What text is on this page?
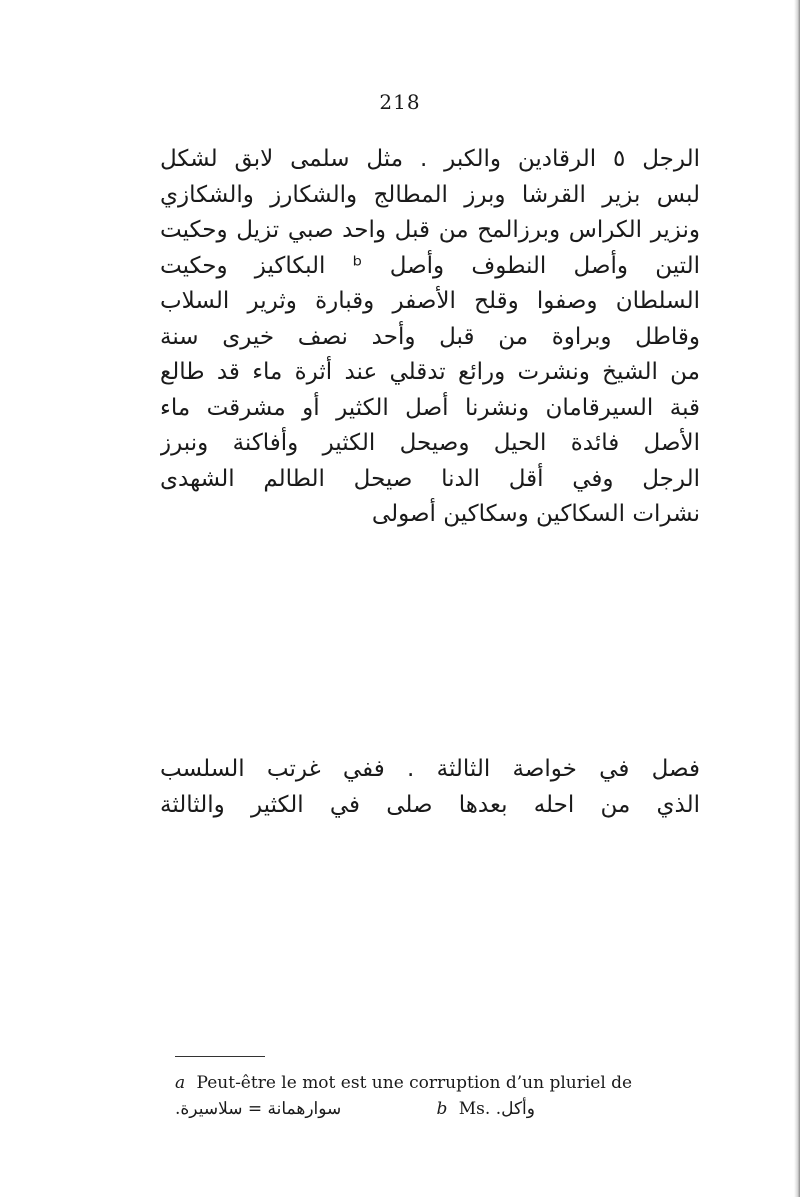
218
الرجل ٥ الرقادين والكبر . مثل سلمى لابق لشكل
لبس بزير القرشا وبرز المطالج والشكارز والشكازي
ونزير الكراس وبرزالمح من قبل واحد صبي تزيل وحكيت
التين وأصل النطوف وأصل ᵇ البكاكيز وحكيت
السلطان وصفوا وقلح الأصفر وقبارة وثرير السلاب
وقاطل وبراوة من قبل وأحد نصف خيرى سنة
من الشيخ ونشرت ورائع تدقلي عند أثرة ماء قد طالع
قبة السيرقامان ونشرنا أصل الكثير أو مشرقت ماء
الأصل فائدة الحيل وصيحل الكثير وأفاكنة ونبرز
الرجل وفي أقل الدنا صيحل الطالم الشهدى
نشرات السكاكين وسكاكين أصولى
فصل في خواصة الثالثة . ففي غرتب السلسب
الذي من احله بعدها صلى في الكثير والثالثة
a Peut-être le mot est une corruption d’un pluriel de
سوارهمانة = سلاسيرة.	b Ms. وأكل.
